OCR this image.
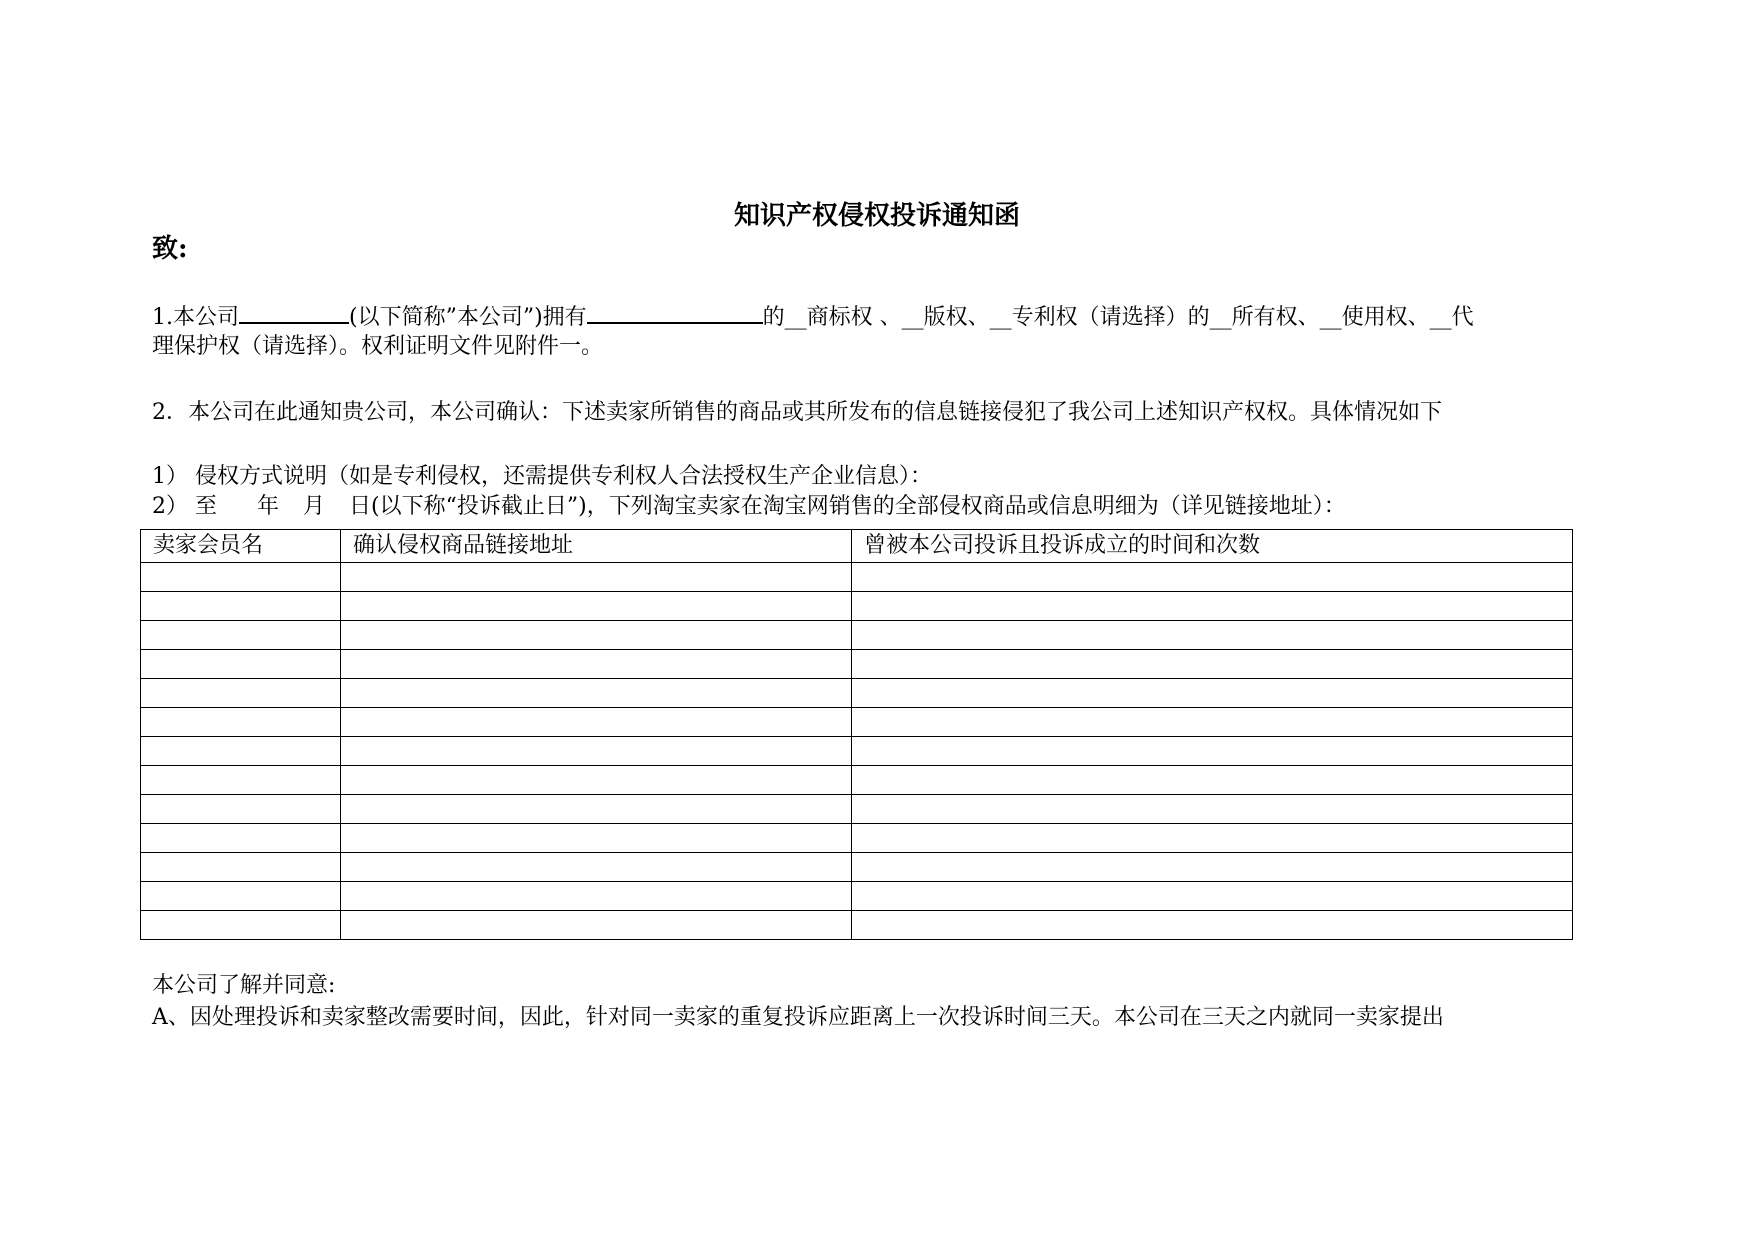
知识产权侵权投诉通知函
致:
1.本公司	(以下简称”本公司”)拥有	的__商标权 、__版权、__专利权（请选择）的__所有权、__使用权、__代
理保护权（请选择）。权利证明文件见附件一。
2．本公司在此通知贵公司，本公司确认：下述卖家所销售的商品或其所发布的信息链接侵犯了我公司上述知识产权权。具体情况如下
1） 侵权方式说明（如是专利侵权，还需提供专利权人合法授权生产企业信息）：
2） 至 年 月 日(以下称“投诉截止日”)，下列淘宝卖家在淘宝网销售的全部侵权商品或信息明细为（详见链接地址）：
卖家会员名	确认侵权商品链接地址	曾被本公司投诉且投诉成立的时间和次数

本公司了解并同意:
A、因处理投诉和卖家整改需要时间，因此，针对同一卖家的重复投诉应距离上一次投诉时间三天。本公司在三天之内就同一卖家提出
